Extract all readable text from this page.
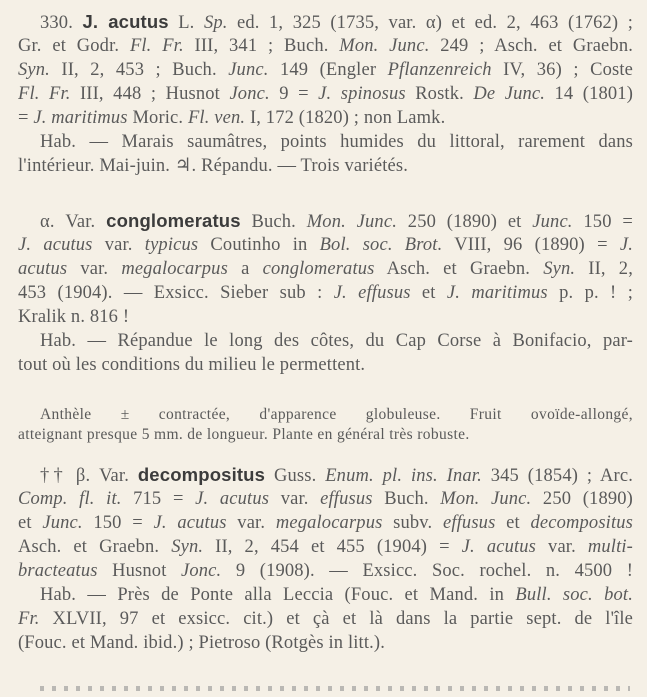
330. J. acutus L. Sp. ed. 1, 325 (1735, var. α) et ed. 2, 463 (1762) ;
Gr. et Godr. Fl. Fr. III, 341 ; Buch. Mon. Junc. 249 ; Asch. et Graebn.
Syn. II, 2, 453 ; Buch. Junc. 149 (Engler Pflanzenreich IV, 36) ; Coste
Fl. Fr. III, 448 ; Husnot Jonc. 9 = J. spinosus Rostk. De Junc. 14 (1801)
= J. maritimus Moric. Fl. ven. I, 172 (1820) ; non Lamk.
Hab. — Marais saumâtres, points humides du littoral, rarement dans
l'intérieur. Mai-juin. ♃. Répandu. — Trois variétés.
α. Var. conglomeratus Buch. Mon. Junc. 250 (1890) et Junc. 150 =
J. acutus var. typicus Coutinho in Bol. soc. Brot. VIII, 96 (1890) = J.
acutus var. megalocarpus a conglomeratus Asch. et Graebn. Syn. II, 2,
453 (1904). — Exsicc. Sieber sub : J. effusus et J. maritimus p. p. ! ;
Kralik n. 816 !
Hab. — Répandue le long des côtes, du Cap Corse à Bonifacio, par-
tout où les conditions du milieu le permettent.
Anthèle ± contractée, d'apparence globuleuse. Fruit ovoïde-allongé,
atteignant presque 5 mm. de longueur. Plante en général très robuste.
†† β. Var. decompositus Guss. Enum. pl. ins. Inar. 345 (1854) ; Arc.
Comp. fl. it. 715 = J. acutus var. effusus Buch. Mon. Junc. 250 (1890)
et Junc. 150 = J. acutus var. megalocarpus subv. effusus et decompositus
Asch. et Graebn. Syn. II, 2, 454 et 455 (1904) = J. acutus var. multi-
bracteatus Husnot Jonc. 9 (1908). — Exsicc. Soc. rochel. n. 4500 !
Hab. — Près de Ponte alla Leccia (Fouc. et Mand. in Bull. soc. bot.
Fr. XLVII, 97 et exsicc. cit.) et çà et là dans la partie sept. de l'île
(Fouc. et Mand. ibid.) ; Pietroso (Rotgès in litt.).
